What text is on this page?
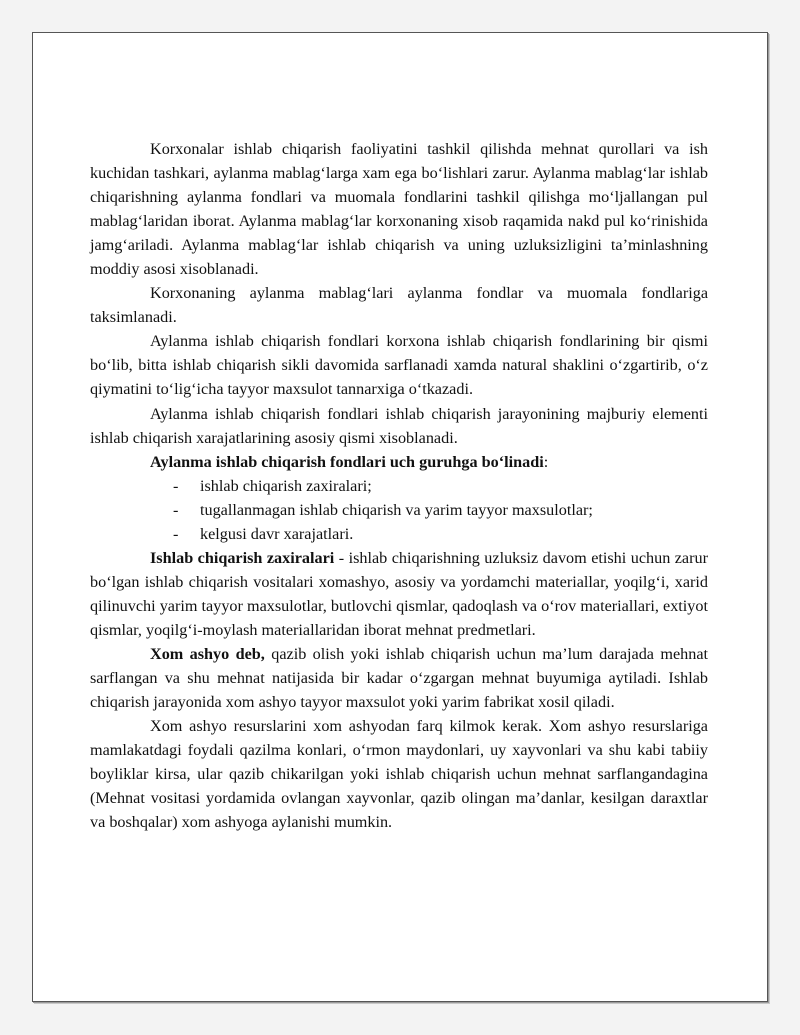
Korxonalar ishlab chiqarish faoliyatini tashkil qilishda mehnat qurollari va ish kuchidan tashkari, aylanma mablag‘larga xam ega bo‘lishlari zarur. Aylanma mablag‘lar ishlab chiqarishning aylanma fondlari va muomala fondlarini tashkil qilishga mo‘ljallangan pul mablag‘laridan iborat. Aylanma mablag‘lar korxonaning xisob raqamida nakd pul ko‘rinishida jamg‘ariladi. Aylanma mablag‘lar ishlab chiqarish va uning uzluksizligini ta’minlashning moddiy asosi xisoblanadi.

Korxonaning aylanma mablag‘lari aylanma fondlar va muomala fondlariga taksimlanadi.

Aylanma ishlab chiqarish fondlari korxona ishlab chiqarish fondlarining bir qismi bo‘lib, bitta ishlab chiqarish sikli davomida sarflanadi xamda natural shaklini o‘zgartirib, o‘z qiymatini to‘lig‘icha tayyor maxsulot tannarxiga o‘tkazadi.

Aylanma ishlab chiqarish fondlari ishlab chiqarish jarayonining majburiy elementi ishlab chiqarish xarajatlarining asosiy qismi xisoblanadi.

Aylanma ishlab chiqarish fondlari uch guruhga bo‘linadi:

- ishlab chiqarish zaxiralari;
- tugallanmagan ishlab chiqarish va yarim tayyor maxsulotlar;
- kelgusi davr xarajatlari.

Ishlab chiqarish zaxiralari - ishlab chiqarishning uzluksiz davom etishi uchun zarur bo‘lgan ishlab chiqarish vositalari xomashyo, asosiy va yordamchi materiallar, yoqilg‘i, xarid qilinuvchi yarim tayyor maxsulotlar, butlovchi qismlar, qadoqlash va o‘rov materiallari, extiyot qismlar, yoqilg‘i-moylash materiallaridan iborat mehnat predmetlari.

Xom ashyo deb, qazib olish yoki ishlab chiqarish uchun ma’lum darajada mehnat sarflangan va shu mehnat natijasida bir kadar o‘zgargan mehnat buyumiga aytiladi. Ishlab chiqarish jarayonida xom ashyo tayyor maxsulot yoki yarim fabrikat xosil qiladi.

Xom ashyo resurslarini xom ashyodan farq kilmok kerak. Xom ashyo resurslariga mamlakatdagi foydali qazilma konlari, o‘rmon maydonlari, uy xayvonlari va shu kabi tabiiy boyliklar kirsa, ular qazib chikarilgan yoki ishlab chiqarish uchun mehnat sarflangandagina (Mehnat vositasi yordamida ovlangan xayvonlar, qazib olingan ma’danlar, kesilgan daraxtlar va boshqalar) xom ashyoga aylanishi mumkin.
